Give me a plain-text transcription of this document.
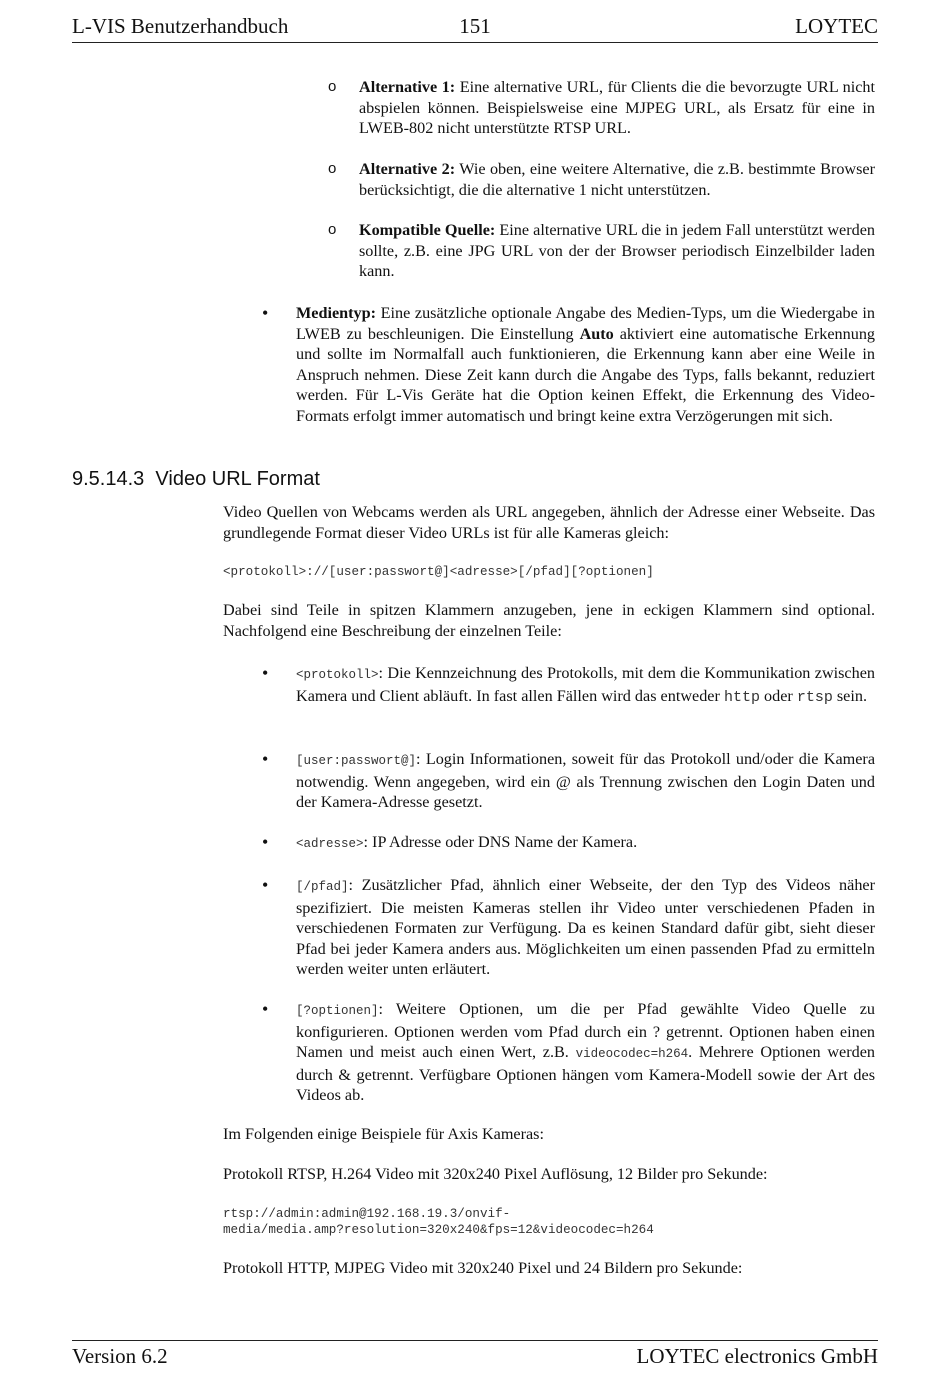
L-VIS Benutzerhandbuch	151	LOYTEC
o Alternative 1: Eine alternative URL, für Clients die die bevorzugte URL nicht abspielen können. Beispielsweise eine MJPEG URL, als Ersatz für eine in LWEB-802 nicht unterstützte RTSP URL.
o Alternative 2: Wie oben, eine weitere Alternative, die z.B. bestimmte Browser berücksichtigt, die die alternative 1 nicht unterstützen.
o Kompatible Quelle: Eine alternative URL die in jedem Fall unterstützt werden sollte, z.B. eine JPG URL von der der Browser periodisch Einzelbilder laden kann.
• Medientyp: Eine zusätzliche optionale Angabe des Medien-Typs, um die Wiedergabe in LWEB zu beschleunigen. Die Einstellung Auto aktiviert eine automatische Erkennung und sollte im Normalfall auch funktionieren, die Erkennung kann aber eine Weile in Anspruch nehmen. Diese Zeit kann durch die Angabe des Typs, falls bekannt, reduziert werden. Für L-Vis Geräte hat die Option keinen Effekt, die Erkennung des Video-Formats erfolgt immer automatisch und bringt keine extra Verzögerungen mit sich.
9.5.14.3 Video URL Format
Video Quellen von Webcams werden als URL angegeben, ähnlich der Adresse einer Webseite. Das grundlegende Format dieser Video URLs ist für alle Kameras gleich:
<protokoll>://[user:passwort@]<adresse>[/pfad][?optionen]
Dabei sind Teile in spitzen Klammern anzugeben, jene in eckigen Klammern sind optional. Nachfolgend eine Beschreibung der einzelnen Teile:
• <protokoll>: Die Kennzeichnung des Protokolls, mit dem die Kommunikation zwischen Kamera und Client abläuft. In fast allen Fällen wird das entweder http oder rtsp sein.
• [user:passwort@]: Login Informationen, soweit für das Protokoll und/oder die Kamera notwendig. Wenn angegeben, wird ein @ als Trennung zwischen den Login Daten und der Kamera-Adresse gesetzt.
• <adresse>: IP Adresse oder DNS Name der Kamera.
• [/pfad]: Zusätzlicher Pfad, ähnlich einer Webseite, der den Typ des Videos näher spezifiziert. Die meisten Kameras stellen ihr Video unter verschiedenen Pfaden in verschiedenen Formaten zur Verfügung. Da es keinen Standard dafür gibt, sieht dieser Pfad bei jeder Kamera anders aus. Möglichkeiten um einen passenden Pfad zu ermitteln werden weiter unten erläutert.
• [?optionen]: Weitere Optionen, um die per Pfad gewählte Video Quelle zu konfigurieren. Optionen werden vom Pfad durch ein ? getrennt. Optionen haben einen Namen und meist auch einen Wert, z.B. videocodec=h264. Mehrere Optionen werden durch & getrennt. Verfügbare Optionen hängen vom Kamera-Modell sowie der Art des Videos ab.
Im Folgenden einige Beispiele für Axis Kameras:
Protokoll RTSP, H.264 Video mit 320x240 Pixel Auflösung, 12 Bilder pro Sekunde:
rtsp://admin:admin@192.168.19.3/onvif-
media/media.amp?resolution=320x240&fps=12&videocodec=h264
Protokoll HTTP, MJPEG Video mit 320x240 Pixel und 24 Bildern pro Sekunde:
Version 6.2	LOYTEC electronics GmbH
